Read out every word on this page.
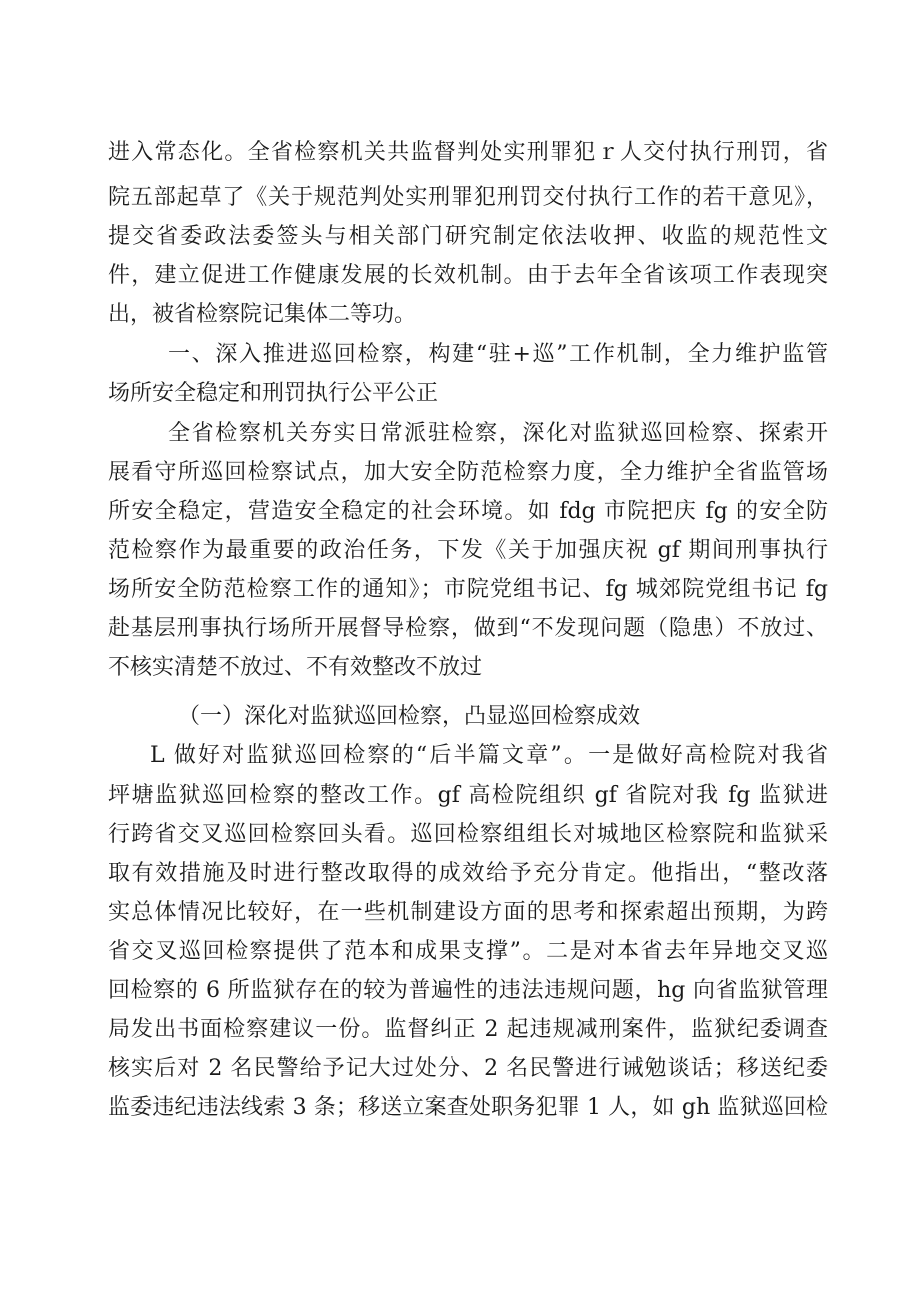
进入常态化。全省检察机关共监督判处实刑罪犯ｒ人交付执行刑罚，省
院五部起草了《关于规范判处实刑罪犯刑罚交付执行工作的若干意见》，
提交省委政法委签头与相关部门研究制定依法收押、收监的规范性文
件，建立促进工作健康发展的长效机制。由于去年全省该项工作表现突
出，被省检察院记集体二等功。
一、深入推进巡回检察，构建“驻+巡”工作机制，全力维护监管
场所安全稳定和刑罚执行公平公正
全省检察机关夯实日常派驻检察，深化对监狱巡回检察、探索开
展看守所巡回检察试点，加大安全防范检察力度，全力维护全省监管场
所安全稳定，营造安全稳定的社会环境。如 fdg 市院把庆 fg 的安全防
范检察作为最重要的政治任务，下发《关于加强庆祝 gf 期间刑事执行
场所安全防范检察工作的通知》；市院党组书记、fg 城郊院党组书记 fg
赴基层刑事执行场所开展督导检察，做到“不发现问题（隐患）不放过、
不核实清楚不放过、不有效整改不放过
（一）深化对监狱巡回检察，凸显巡回检察成效
L 做好对监狱巡回检察的“后半篇文章”。一是做好高检院对我省
坪塘监狱巡回检察的整改工作。gf 高检院组织 gf 省院对我 fg 监狱进
行跨省交叉巡回检察回头看。巡回检察组组长对城地区检察院和监狱采
取有效措施及时进行整改取得的成效给予充分肯定。他指出，“整改落
实总体情况比较好，在一些机制建设方面的思考和探索超出预期，为跨
省交叉巡回检察提供了范本和成果支撑”。二是对本省去年异地交叉巡
回检察的 6 所监狱存在的较为普遍性的违法违规问题，hg 向省监狱管理
局发出书面检察建议一份。监督纠正 2 起违规减刑案件，监狱纪委调查
核实后对 2 名民警给予记大过处分、2 名民警进行诫勉谈话；移送纪委
监委违纪违法线索 3 条；移送立案查处职务犯罪 1 人，如 gh 监狱巡回检
